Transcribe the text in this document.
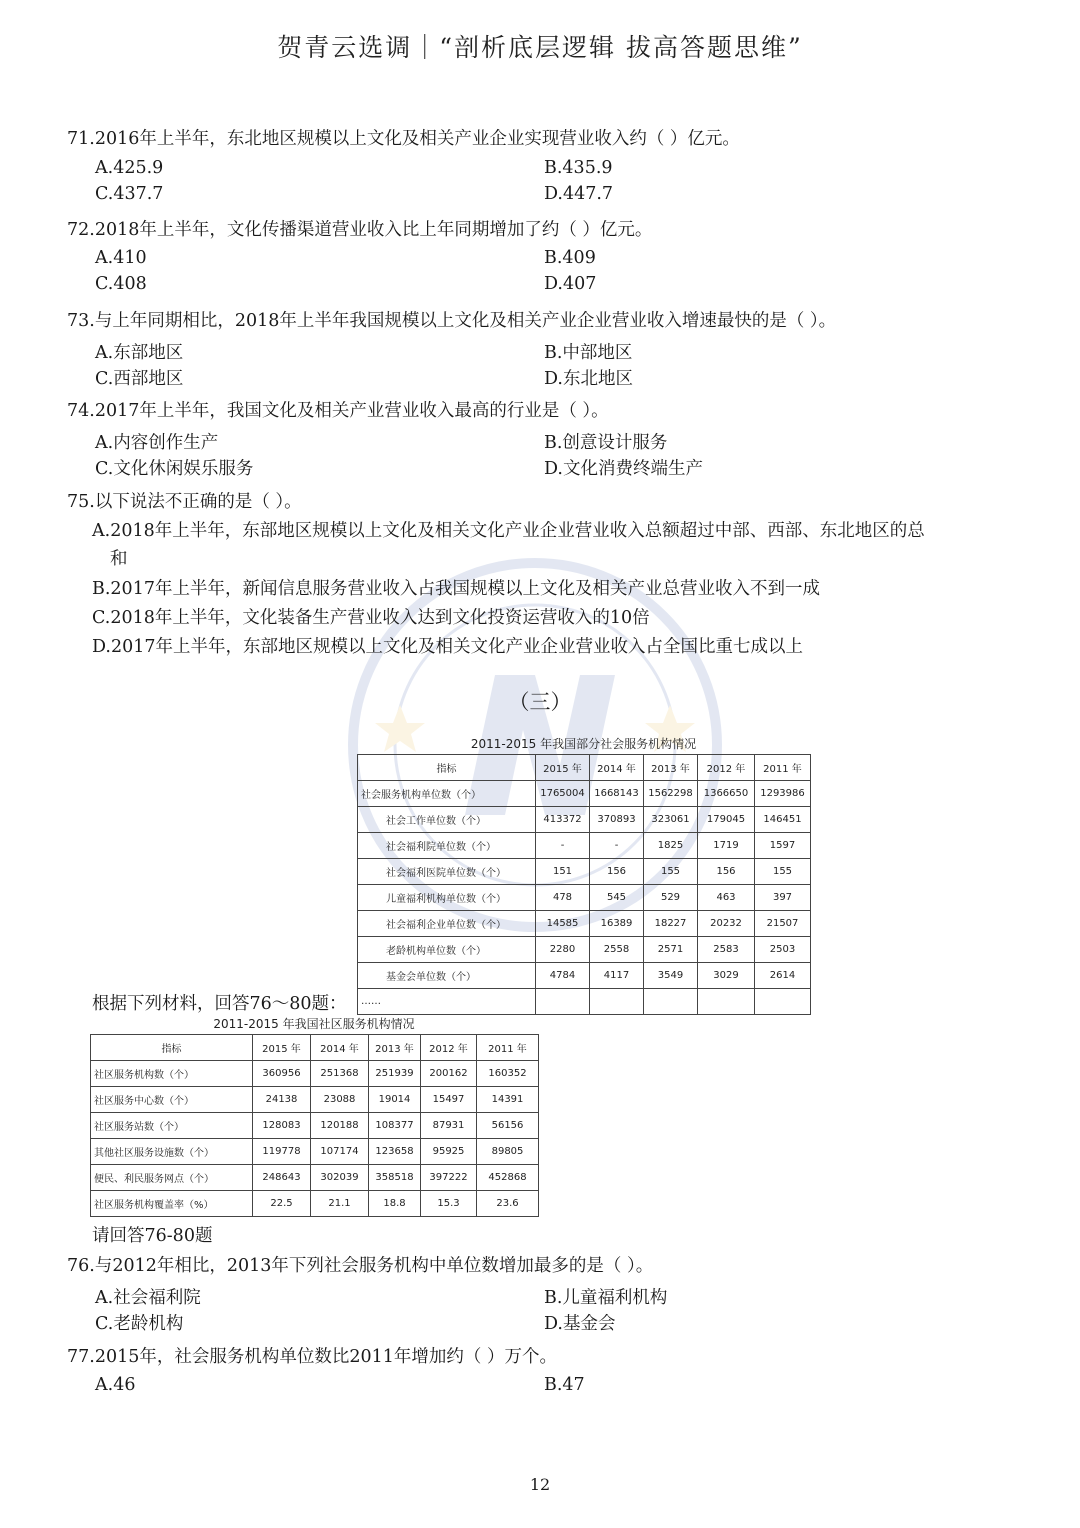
贺青云选调｜“剖析底层逻辑 拔高答题思维”
71.2016年上半年，东北地区规模以上文化及相关产业企业实现营业收入约（ ）亿元。
A.425.9	B.435.9
C.437.7	D.447.7
72.2018年上半年，文化传播渠道营业收入比上年同期增加了约（ ）亿元。
A.410	B.409
C.408	D.407
73.与上年同期相比，2018年上半年我国规模以上文化及相关产业企业营业收入增速最快的是（ ）。
A.东部地区	B.中部地区
C.西部地区	D.东北地区
74.2017年上半年，我国文化及相关产业营业收入最高的行业是（ ）。
A.内容创作生产	B.创意设计服务
C.文化休闲娱乐服务	D.文化消费终端生产
75.以下说法不正确的是（ ）。
A.2018年上半年，东部地区规模以上文化及相关文化产业企业营业收入总额超过中部、西部、东北地区的总
和
B.2017年上半年，新闻信息服务营业收入占我国规模以上文化及相关产业总营业收入不到一成
C.2018年上半年，文化装备生产营业收入达到文化投资运营收入的10倍
D.2017年上半年，东部地区规模以上文化及相关文化产业企业营业收入占全国比重七成以上
（三）
2011-2015 年我国部分社会服务机构情况
指标	2015 年	2014 年	2013 年	2012 年	2011 年
社会服务机构单位数（个）	1765004	1668143	1562298	1366650	1293986
社会工作单位数（个）	413372	370893	323061	179045	146451
社会福利院单位数（个）	-	-	1825	1719	1597
社会福利医院单位数（个）	151	156	155	156	155
儿童福利机构单位数（个）	478	545	529	463	397
社会福利企业单位数（个）	14585	16389	18227	20232	21507
老龄机构单位数（个）	2280	2558	2571	2583	2503
基金会单位数（个）	4784	4117	3549	3029	2614
……					
根据下列材料，回答76～80题：
2011-2015 年我国社区服务机构情况
指标	2015 年	2014 年	2013 年	2012 年	2011 年
社区服务机构数（个）	360956	251368	251939	200162	160352
社区服务中心数（个）	24138	23088	19014	15497	14391
社区服务站数（个）	128083	120188	108377	87931	56156
其他社区服务设施数（个）	119778	107174	123658	95925	89805
便民、利民服务网点（个）	248643	302039	358518	397222	452868
社区服务机构覆盖率（%）	22.5	21.1	18.8	15.3	23.6
请回答76-80题
76.与2012年相比，2013年下列社会服务机构中单位数增加最多的是（ ）。
A.社会福利院	B.儿童福利机构
C.老龄机构	D.基金会
77.2015年，社会服务机构单位数比2011年增加约（ ）万个。
A.46	B.47
12
